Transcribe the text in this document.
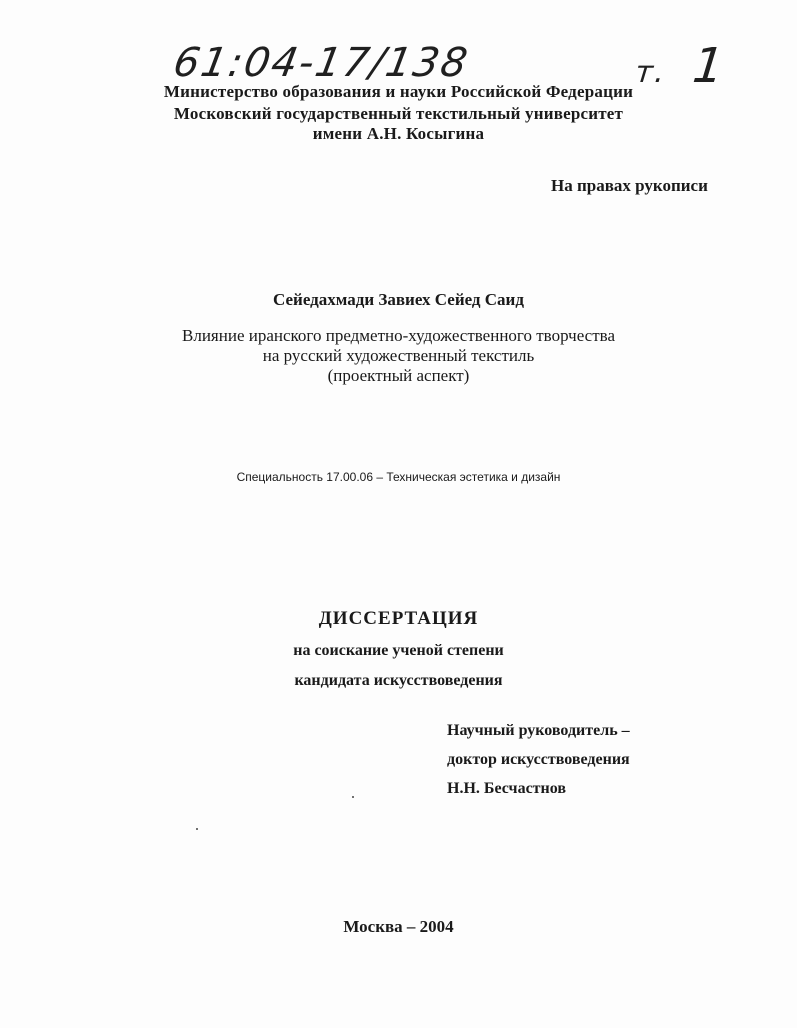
61:04-17/138	т. 1
Министерство образования и науки Российской Федерации
Московский государственный текстильный университет
имени А.Н. Косыгина
На правах рукописи
Сейедахмади Завиех Сейед Саид
Влияние иранского предметно-художественного творчества
на русский художественный текстиль
(проектный аспект)
Специальность 17.00.06 – Техническая эстетика и дизайн
ДИССЕРТАЦИЯ
на соискание ученой степени
кандидата искусствоведения
Научный руководитель –
доктор искусствоведения
Н.Н. Бесчастнов
Москва – 2004
